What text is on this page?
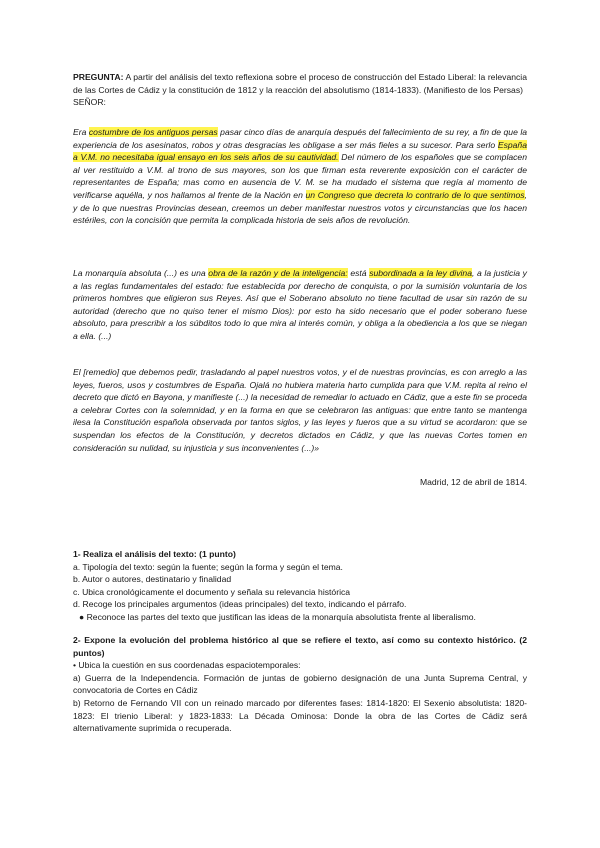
PREGUNTA: A partir del análisis del texto reflexiona sobre el proceso de construcción del Estado Liberal: la relevancia de las Cortes de Cádiz y la constitución de 1812 y la reacción del absolutismo (1814-1833). (Manifiesto de los Persas)

SEÑOR:

Era costumbre de los antiguos persas pasar cinco días de anarquía después del fallecimiento de su rey, a fin de que la experiencia de los asesinatos, robos y otras desgracias les obligase a ser más fieles a su sucesor. Para serlo España a V.M. no necesitaba igual ensayo en los seis años de su cautividad. Del número de los españoles que se complacen al ver restituido a V.M. al trono de sus mayores, son los que firman esta reverente exposición con el carácter de representantes de España; mas como en ausencia de V. M. se ha mudado el sistema que regía al momento de verificarse aquélla, y nos hallamos al frente de la Nación en un Congreso que decreta lo contrario de lo que sentimos, y de lo que nuestras Provincias desean, creemos un deber manifestar nuestros votos y circunstancias que los hacen estériles, con la concisión que permita la complicada historia de seis años de revolución.

La monarquía absoluta (...) es una obra de la razón y de la inteligencia: está subordinada a la ley divina, a la justicia y a las reglas fundamentales del estado: fue establecida por derecho de conquista, o por la sumisión voluntaria de los primeros hombres que eligieron sus Reyes. Así que el Soberano absoluto no tiene facultad de usar sin razón de su autoridad (derecho que no quiso tener el mismo Dios): por esto ha sido necesario que el poder soberano fuese absoluto, para prescribir a los súbditos todo lo que mira al interés común, y obliga a la obediencia a los que se niegan a ella. (...)

El [remedio] que debemos pedir, trasladando al papel nuestros votos, y el de nuestras provincias, es con arreglo a las leyes, fueros, usos y costumbres de España. Ojalá no hubiera materia harto cumplida para que V.M. repita al reino el decreto que dictó en Bayona, y manifieste (...) la necesidad de remediar lo actuado en Cádiz, que a este fin se proceda a celebrar Cortes con la solemnidad, y en la forma en que se celebraron las antiguas: que entre tanto se mantenga ilesa la Constitución española observada por tantos siglos, y las leyes y fueros que a su virtud se acordaron: que se suspendan los efectos de la Constitución, y decretos dictados en Cádiz, y que las nuevas Cortes tomen en consideración su nulidad, su injusticia y sus inconvenientes (...)»

Madrid, 12 de abril de 1814.

1- Realiza el análisis del texto: (1 punto)

a. Tipología del texto: según la fuente; según la forma y según el tema.

b. Autor o autores, destinatario y finalidad

c. Ubica cronológicamente el documento y señala su relevancia histórica

d. Recoge los principales argumentos (ideas principales) del texto, indicando el párrafo.

● Reconoce las partes del texto que justifican las ideas de la monarquía absolutista frente al liberalismo.

2- Expone la evolución del problema histórico al que se refiere el texto, así como su contexto histórico. (2 puntos)

• Ubica la cuestión en sus coordenadas espaciotemporales:

a) Guerra de la Independencia. Formación de juntas de gobierno designación de una Junta Suprema Central, y convocatoria de Cortes en Cádiz

b) Retorno de Fernando VII con un reinado marcado por diferentes fases: 1814-1820: El Sexenio absolutista: 1820-1823: El trienio Liberal: y 1823-1833: La Década Ominosa: Donde la obra de las Cortes de Cádiz será alternativamente suprimida o recuperada.
